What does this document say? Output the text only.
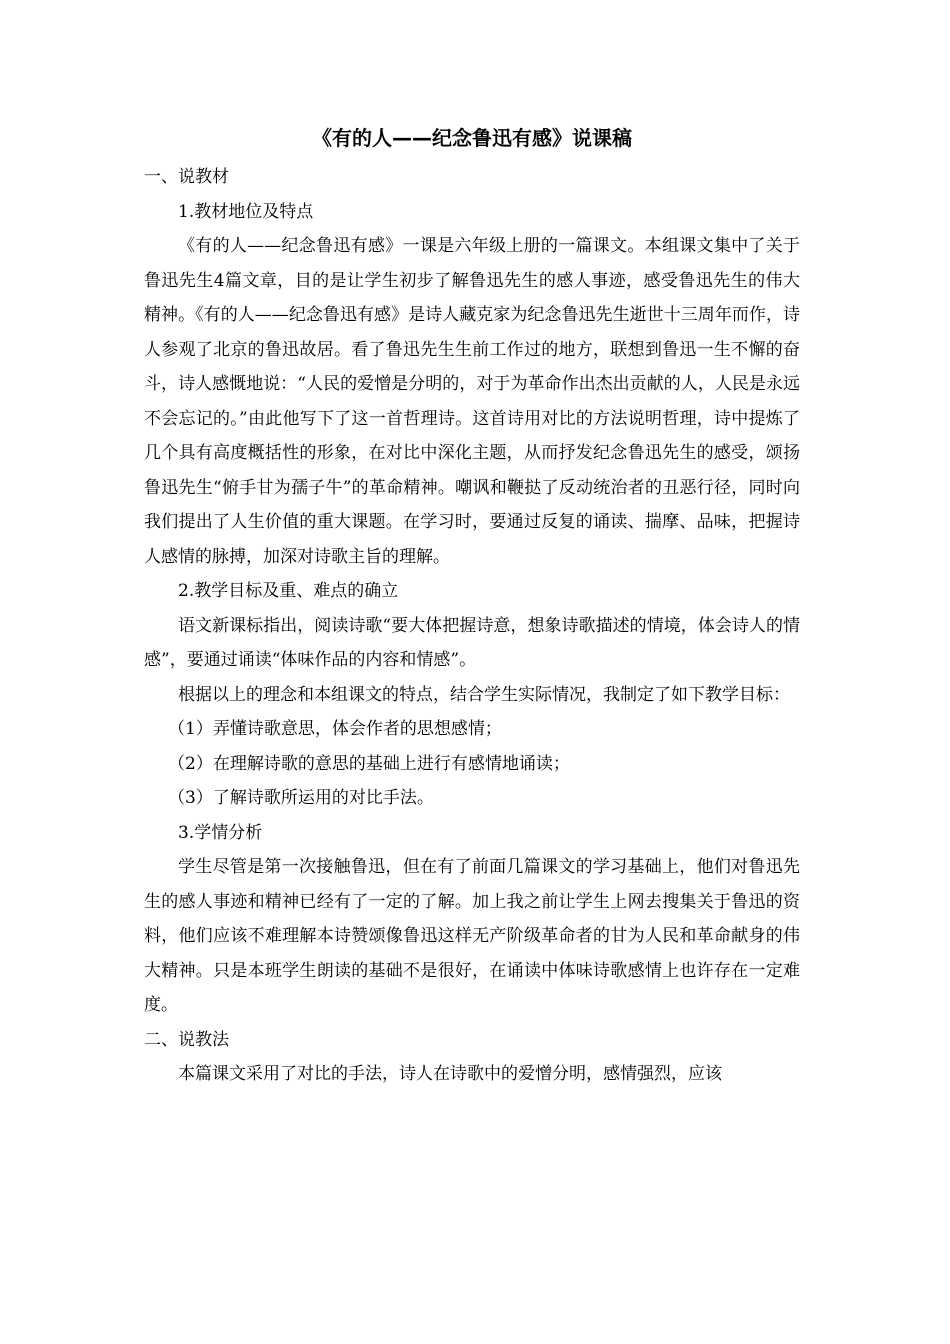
《有的人——纪念鲁迅有感》说课稿

一、说教材

1.教材地位及特点

《有的人——纪念鲁迅有感》一课是六年级上册的一篇课文。本组课文集中了关于鲁迅先生4篇文章，目的是让学生初步了解鲁迅先生的感人事迹，感受鲁迅先生的伟大精神。《有的人——纪念鲁迅有感》是诗人藏克家为纪念鲁迅先生逝世十三周年而作，诗人参观了北京的鲁迅故居。看了鲁迅先生生前工作过的地方，联想到鲁迅一生不懈的奋斗，诗人感慨地说：“人民的爱憎是分明的，对于为革命作出杰出贡献的人，人民是永远不会忘记的。”由此他写下了这一首哲理诗。这首诗用对比的方法说明哲理，诗中提炼了几个具有高度概括性的形象，在对比中深化主题，从而抒发纪念鲁迅先生的感受，颂扬鲁迅先生“俯手甘为孺子牛”的革命精神。嘲讽和鞭挞了反动统治者的丑恶行径，同时向我们提出了人生价值的重大课题。在学习时，要通过反复的诵读、揣摩、品味，把握诗人感情的脉搏，加深对诗歌主旨的理解。

2.教学目标及重、难点的确立

语文新课标指出，阅读诗歌“要大体把握诗意，想象诗歌描述的情境，体会诗人的情感”，要通过诵读“体味作品的内容和情感”。

根据以上的理念和本组课文的特点，结合学生实际情况，我制定了如下教学目标：

（1）弄懂诗歌意思，体会作者的思想感情；

（2）在理解诗歌的意思的基础上进行有感情地诵读；

（3）了解诗歌所运用的对比手法。

3.学情分析

学生尽管是第一次接触鲁迅，但在有了前面几篇课文的学习基础上，他们对鲁迅先生的感人事迹和精神已经有了一定的了解。加上我之前让学生上网去搜集关于鲁迅的资料，他们应该不难理解本诗赞颂像鲁迅这样无产阶级革命者的甘为人民和革命献身的伟大精神。只是本班学生朗读的基础不是很好，在诵读中体味诗歌感情上也许存在一定难度。

二、说教法

本篇课文采用了对比的手法，诗人在诗歌中的爱憎分明，感情强烈，应该
